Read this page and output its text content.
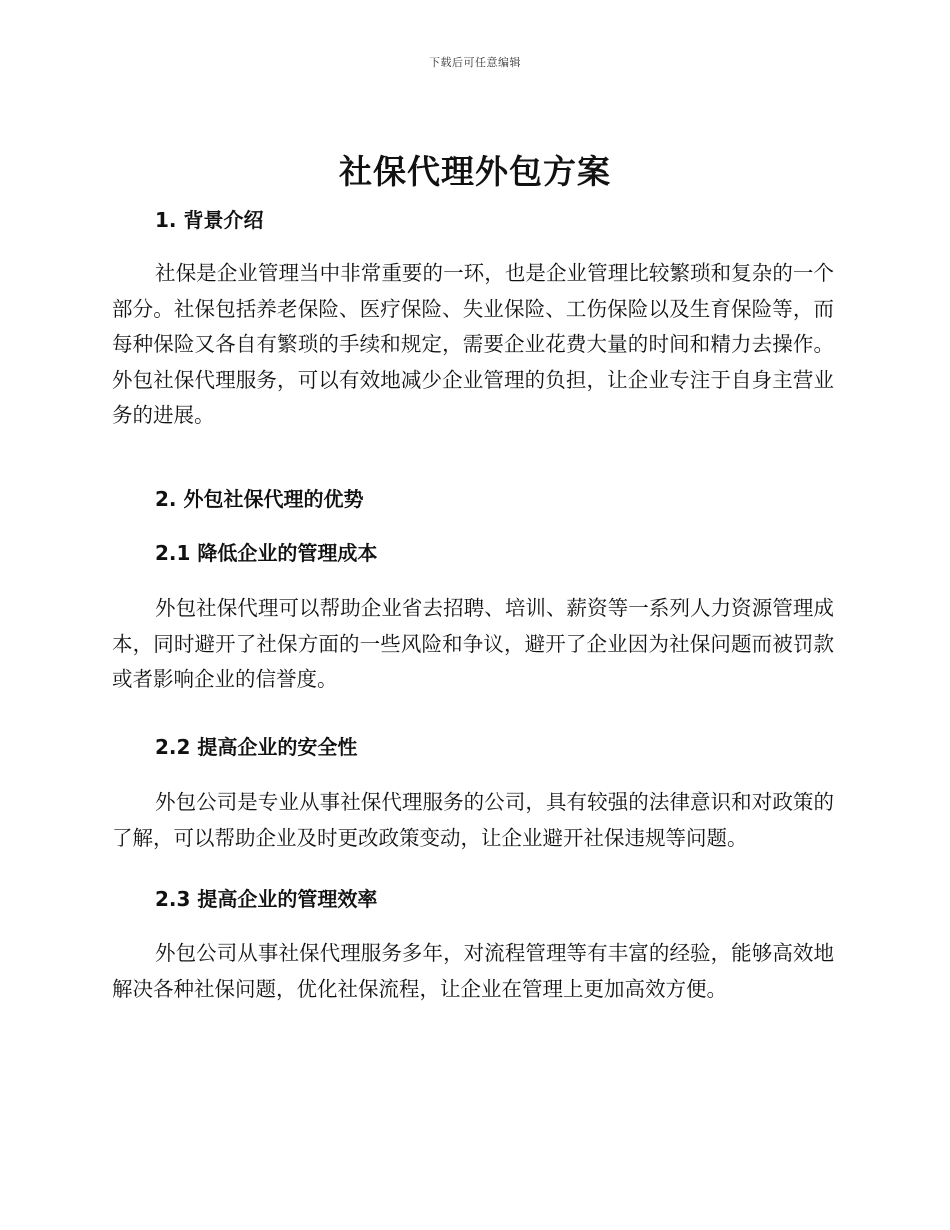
下载后可任意编辑
社保代理外包方案
1. 背景介绍

社保是企业管理当中非常重要的一环，也是企业管理比较繁琐和复杂的一个部分。社保包括养老保险、医疗保险、失业保险、工伤保险以及生育保险等，而每种保险又各自有繁琐的手续和规定，需要企业花费大量的时间和精力去操作。外包社保代理服务，可以有效地减少企业管理的负担，让企业专注于自身主营业务的进展。

2. 外包社保代理的优势
2.1 降低企业的管理成本

外包社保代理可以帮助企业省去招聘、培训、薪资等一系列人力资源管理成本，同时避开了社保方面的一些风险和争议，避开了企业因为社保问题而被罚款或者影响企业的信誉度。

2.2 提高企业的安全性

外包公司是专业从事社保代理服务的公司，具有较强的法律意识和对政策的了解，可以帮助企业及时更改政策变动，让企业避开社保违规等问题。

2.3 提高企业的管理效率

外包公司从事社保代理服务多年，对流程管理等有丰富的经验，能够高效地解决各种社保问题，优化社保流程，让企业在管理上更加高效方便。
